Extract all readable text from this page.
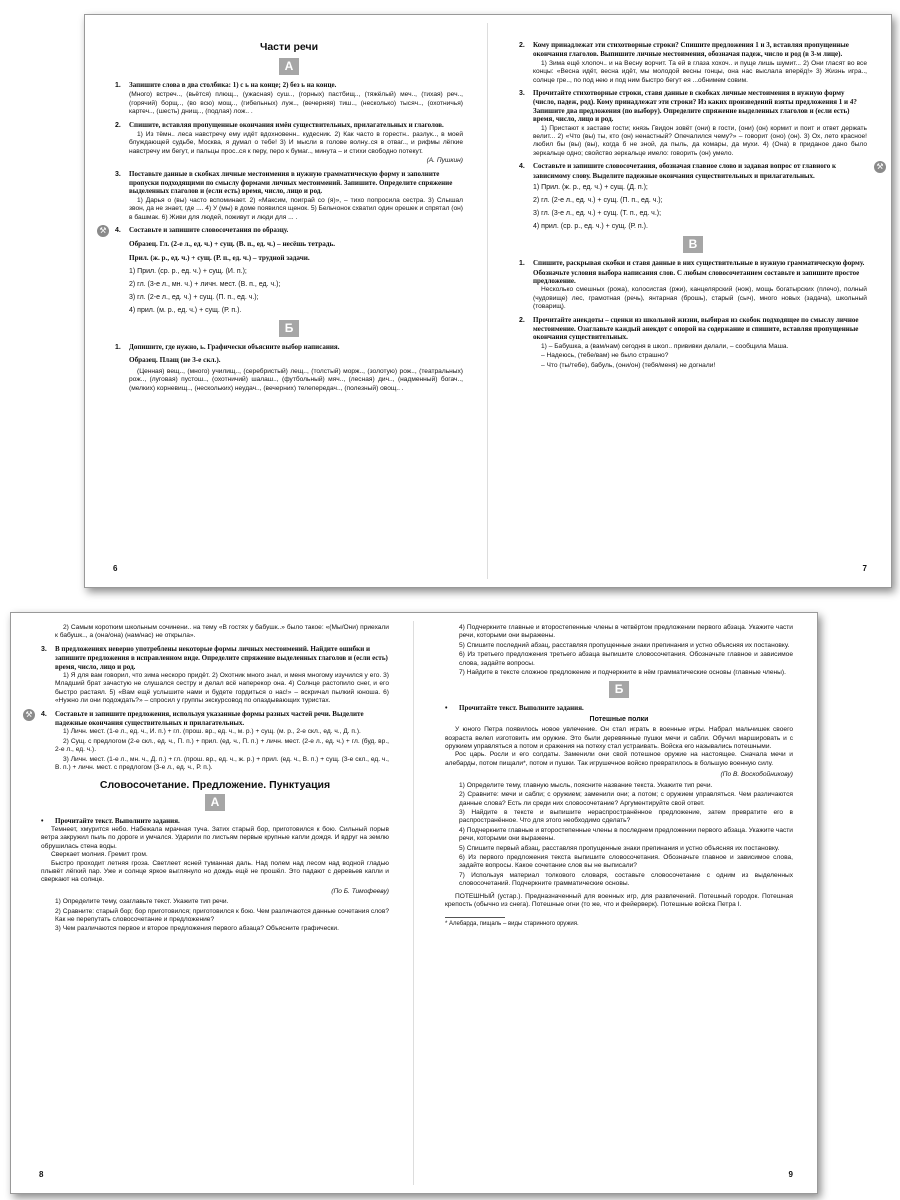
Части речи
А
1. Запишите слова в два столбика: 1) с ь на конце; 2) без ь на конце.

(Много) встреч.., (вьётся) плющ.., (ужасная) суш.., (горных) пастбищ.., (тяжёлый) меч.., (тихая) реч.., (горячий) борщ.., (во всю) мощ.., (гибельных) луж.., (вечерняя) тиш.., (несколько) тысяч.., (охотничья) картеч.., (шесть) днищ.., (подлая) лож.. .

2. Спишите, вставляя пропущенные окончания имён существительных, прилагательных и глаголов.

1) Из тёмн.. леса навстречу ему идёт вдохновенн.. кудесник. 2) Как часто в горестн.. разлук.., в моей блуждающей судьбе, Москва, я думал о тебе! 3) И мысли в голове волну..ся в отваг.., и рифмы лёгкие навстречу им бегут, и пальцы прос..ся к перу, перо к бумаг.., минута – и стихи свободно потекут.

(А. Пушкин)
3. Поставьте данные в скобках личные местоимения в нужную грамматическую форму и заполните пропуски подходящими по смыслу формами личных местоимений. Запишите. Определите спряжение выделенных глаголов и (если есть) время, число, лицо и род.

1) Дарья о (вы) часто вспоминает. 2) «Максим, поиграй со (я)», – тихо попросила сестра. 3) Слышал звон, да не знает, где .... 4) У (мы) в доме появился щенок. 5) Бельчонок схватил один орешек и спрятал (он) в башмак. 6) Живи для людей, поживут и люди для ... .

⚒	4. Составьте и запишите словосочетания по образцу.
Образец. Гл. (2-е л., ед. ч.) + сущ. (В. п., ед. ч.) – несёшь тетрадь.
Прил. (ж. р., ед. ч.) + сущ. (Р. п., ед. ч.) – трудной задачи.
1) Прил. (ср. р., ед. ч.) + сущ. (И. п.);
2) гл. (3-е л., мн. ч.) + личн. мест. (В. п., ед. ч.);
3) гл. (2-е л., ед. ч.) + сущ. (П. п., ед. ч.);
4) прил. (м. р., ед. ч.) + сущ. (Р. п.).
Б
1. Допишите, где нужно, ь. Графически объясните выбор написания.
Образец. Плащ (не 3-е скл.).

(Ценная) вещ.., (много) училищ.., (серебристый) лещ.., (толстый) морж.., (золотую) рож.., (театральных) рож.., (луговая) пустош.., (охотничий) шалаш.., (футбольный) мяч.., (лесная) дич.., (надменный) богач.., (мелких) корневищ.., (нескольких) неудач.., (вечерних) телепередач.., (полезный) овощ.. .

6
2. Кому принадлежат эти стихотворные строки? Спишите предложения 1 и 3, вставляя пропущенные окончания глаголов. Выпишите личные местоимения, обозначая падеж, число и род (в 3-м лице).

1) Зима ещё хлопоч.. и на Весну ворчит. Та ей в глаза хохоч.. и пуще лишь шумит... 2) Они гласят во все концы: «Весна идёт, весна идёт, мы молодой весны гонцы, она нас выслала вперёд!» 3) Жизнь игра.., солнце гре.., по под нею и под ним быстро бегут ея ...обнимем совим.

3. Прочитайте стихотворные строки, ставя данные в скобках личные местоимения в нужную форму (число, падеж, род). Кому принадлежат эти строки? Из каких произведений взяты предложения 1 и 4? Запишите два предложения (по выбору). Определите спряжение выделенных глаголов и (если есть) время, число, лицо и род.

1) Пристают к заставе гости; князь Гвидон зовёт (они) в гости, (они) (он) кормит и поит и ответ держать велит... 2) «Что (вы) ты, кто (он) ненастный? Опечалился чему?» – говорит (оно) (он). 3) Ох, лето красное! любил бы (вы) (вы), когда б не зной, да пыль, да комары, да мухи. 4) (Она) в приданое дано было зеркальце одно; свойство зеркальце имело: говорить (он) умело.

⚒
4. Составьте и запишите словосочетания, обозначая главное слово и задавая вопрос от главного к зависимому слову. Выделите падежные окончания существительных и прилагательных.
1) Прил. (ж. р., ед. ч.) + сущ. (Д. п.);
2) гл. (2-е л., ед. ч.) + сущ. (П. п., ед. ч.);
3) гл. (3-е л., ед. ч.) + сущ. (Т. п., ед. ч.);
4) прил. (ср. р., ед. ч.) + сущ. (Р. п.).
В
1. Спишите, раскрывая скобки и ставя данные в них существительные в нужную грамматическую форму. Обозначьте условия выбора написания слов. С любым словосочетанием составьте и запишите простое предложение.

Несколько смешных (рожа), колосистая (ржи), канцелярский (нож), мощь богатырских (плечо), полный (чудовище) лес, грамотная (речь), янтарная (брошь), старый (сыч), много новых (задача), школьный (товарищ).

2. Прочитайте анекдоты – сценки из школьной жизни, выбирая из скобок подходящее по смыслу личное местоимение. Озаглавьте каждый анекдот с опорой на содержание и спишите, вставляя пропущенные окончания существительных.

1) – Бабушка, а (вам/нам) сегодня в школ.. прививки делали, – сообщила Маша.

– Надеюсь, (тебе/вам) не было страшно?

– Что (ты/тебе), бабуль, (они/он) (тебя/меня) не догнали!

7

2) Самым коротким школьным сочинени.. на тему «В гостях у бабушк..» было такое: «(Мы/Они) приехали к бабушк.., а (она/она) (нам/нас) не открыла».

3. В предложениях неверно употреблены некоторые формы личных местоимений. Найдите ошибки и запишите предложения в исправленном виде. Определите спряжение выделенных глаголов и (если есть) время, число, лицо и род.

1) Я для вам говорил, что зима нескоро придёт. 2) Охотник много знал, и меня многому изучился у его. 3) Младший брат зачастую не слушался сестру и делал всё наперекор она. 4) Солнце растопило снег, и его быстро растаял. 5) «Вам ещё услышите нами и будете гордиться о нас!» – вскричал пылкий юноша. 6) «Нужно ли они подождать?» – спросил у группы экскурсовод по опаздывающих туристах.

⚒	4. Составьте и запишите предложения, используя указанные формы разных частей речи. Выделите падежные окончания существительных и прилагательных.

1) Личн. мест. (1-е л., ед. ч., И. п.) + гл. (прош. вр., ед. ч., м. р.) + сущ. (м. р., 2-е скл., ед. ч., Д. п.).

2) Сущ. с предлогом (2-е скл., ед. ч., П. п.) + прил. (ед. ч., П. п.) + личн. мест. (2-е л., ед. ч.) + гл. (буд. вр., 2-е л., ед. ч.).

3) Личн. мест. (1-е л., мн. ч., Д. п.) + гл. (прош. вр., ед. ч., ж. р.) + прил. (ед. ч., В. п.) + сущ. (3-е скл., ед. ч., В. п.) + личн. мест. с предлогом (3-е л., ед. ч., Р. п.).

Словосочетание. Предложение. Пунктуация
А
• Прочитайте текст. Выполните задания.

Темнеет, хмурится небо. Набежала мрачная туча. Затих старый бор, приготовился к бою. Сильный порыв ветра закружил пыль по дороге и умчался. Ударили по листьям первые крупные капли дождя. И вдруг на землю обрушилась стена воды.

Сверкает молния. Гремит гром.

Быстро проходит летняя гроза. Светлеет ясней туманная даль. Над полем над лесом над водной гладью плывёт лёгкий пар. Уже и солнце яркое выглянуло но дождь ещё не прошёл. Это падают с деревьев капли и сверкают на солнце.

(По Б. Тимофееву)

1) Определите тему, озаглавьте текст. Укажите тип речи.

2) Сравните: старый бор; бор приготовился; приготовился к бою. Чем различаются данные сочетания слов? Как не перепутать словосочетание и предложение?

3) Чем различаются первое и второе предложения первого абзаца? Объясните графически.

8

4) Подчеркните главные и второстепенные члены в четвёртом предложении первого абзаца. Укажите части речи, которыми они выражены.

5) Спишите последний абзац, расставляя пропущенные знаки препинания и устно объясняя их постановку.

6) Из третьего предложения третьего абзаца выпишите словосочетания. Обозначьте главное и зависимое слова, задайте вопросы.

7) Найдите в тексте сложное предложение и подчеркните в нём грамматические основы (главные члены).

Б
• Прочитайте текст. Выполните задания.
Потешные полки

У юного Петра появилось новое увлечение. Он стал играть в военные игры. Набрал мальчишек своего возраста велел изготовить им оружие. Это были деревянные пушки мечи и сабли. Обучил маршировать и с оружием управляться а потом и сражения на потеху стал устраивать. Войска его назывались потешными.

Рос царь. Росли и его солдаты. Заменили они свой потешное оружие на настоящее. Сначала мечи и алебарды, потом пищали*, потом и пушки. Так игрушечное войско превратилось в большую военную силу.

(По В. Воскобойникову)

1) Определите тему, главную мысль, поясните название текста. Укажите тип речи.

2) Сравните: мечи и сабли; с оружием; заменили они; а потом; с оружием управляться. Чем различаются данные слова? Есть ли среди них словосочетание? Аргументируйте свой ответ.

3) Найдите в тексте и выпишите нераспространённое предложение, затем превратите его в распространённое. Что для этого необходимо сделать?

4) Подчеркните главные и второстепенные члены в последнем предложении первого абзаца. Укажите части речи, которыми они выражены.

5) Спишите первый абзац, расставляя пропущенные знаки препинания и устно объясняя их постановку.

6) Из первого предложения текста выпишите словосочетания. Обозначьте главное и зависимое слова, задайте вопросы. Какое сочетание слов вы не выписали?

7) Используя материал толкового словаря, составьте словосочетание с одним из выделенных словосочетаний. Подчеркните грамматические основы.

ПОТЕШНЫЙ (устар.). Предназначенный для военных игр, для развлечений. Потешный городок. Потешная крепость (обычно из снега). Потешные огни (то же, что и фейерверк). Потешные войска Петра I.

* Алебарда, пищаль – виды старинного оружия.
9
